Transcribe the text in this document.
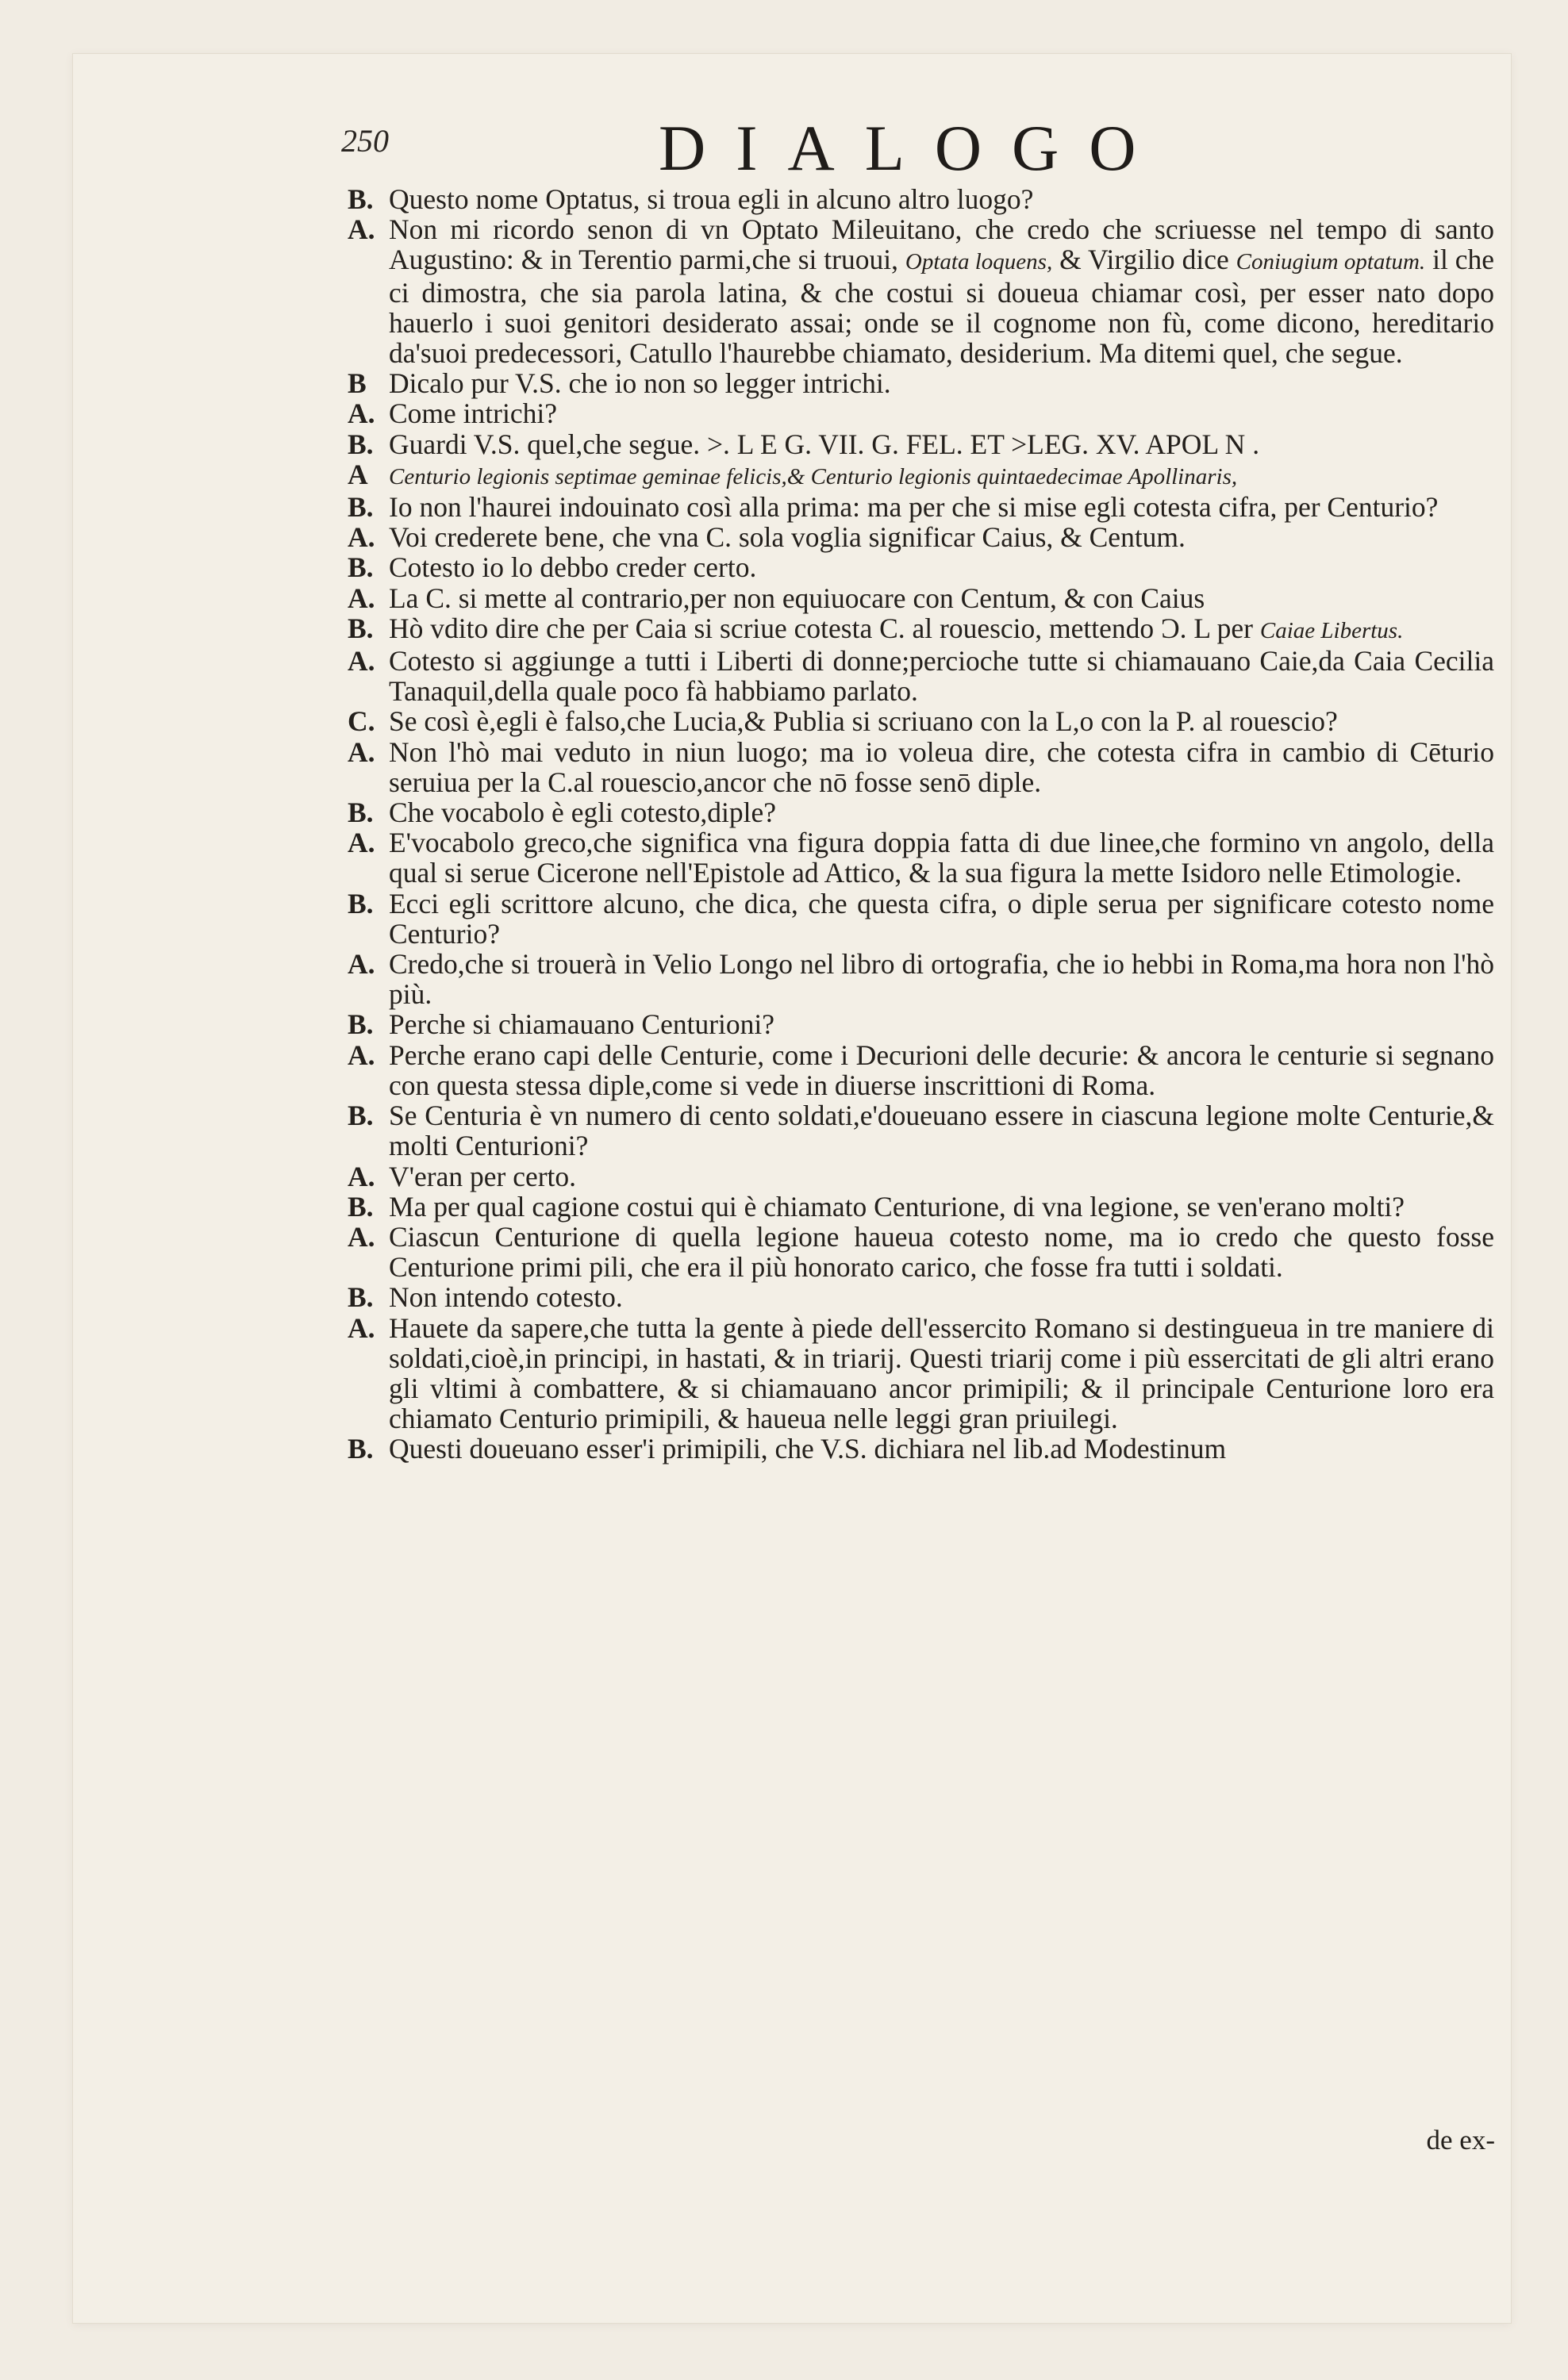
250	DIALOGO

B. Questo nome Optatus, si troua egli in alcuno altro luogo?

A. Non mi ricordo senon di vn Optato Mileuitano, che credo che scriuesse nel tempo di santo Augustino: & in Terentio parmi,che si truoui, Optata loquens, & Virgilio dice Coniugium optatum. il che ci dimostra, che sia parola latina, & che costui si doueua chiamar così, per esser nato dopo hauerlo i suoi genitori desiderato assai; onde se il cognome non fù, come dicono, hereditario da'suoi predecessori, Catullo l'haurebbe chiamato, desiderium. Ma ditemi quel, che segue.

B Dicalo pur V.S. che io non so legger intrichi.

A. Come intrichi?

B. Guardi V.S. quel,che segue. >. L E G. VII. G. FEL. ET >LEG. XV. APOL N .

A Centurio legionis septimae geminae felicis,& Centurio legionis quintaedecimae Apollinaris,

B. Io non l'haurei indouinato così alla prima: ma per che si mise egli cotesta cifra, per Centurio?

A. Voi crederete bene, che vna C. sola voglia significar Caius, & Centum.

B. Cotesto io lo debbo creder certo.

A. La C. si mette al contrario,per non equiuocare con Centum, & con Caius

B. Hò vdito dire che per Caia si scriue cotesta C. al rouescio, mettendo Ɔ. L per Caiae Libertus.

A. Cotesto si aggiunge a tutti i Liberti di donne;percioche tutte si chiamauano Caie,da Caia Cecilia Tanaquil,della quale poco fà habbiamo parlato.

C. Se così è,egli è falso,che Lucia,& Publia si scriuano con la L,o con la P. al rouescio?

A. Non l'hò mai veduto in niun luogo; ma io voleua dire, che cotesta cifra in cambio di Cēturio seruiua per la C.al rouescio,ancor che nō fosse senō diple.

B. Che vocabolo è egli cotesto,diple?

A. E'vocabolo greco,che significa vna figura doppia fatta di due linee,che formino vn angolo, della qual si serue Cicerone nell'Epistole ad Attico, & la sua figura la mette Isidoro nelle Etimologie.

B. Ecci egli scrittore alcuno, che dica, che questa cifra, o diple serua per significare cotesto nome Centurio?

A. Credo,che si trouerà in Velio Longo nel libro di ortografia, che io hebbi in Roma,ma hora non l'hò più.

B. Perche si chiamauano Centurioni?

A. Perche erano capi delle Centurie, come i Decurioni delle decurie: & ancora le centurie si segnano con questa stessa diple,come si vede in diuerse inscrittioni di Roma.

B. Se Centuria è vn numero di cento soldati,e'doueuano essere in ciascuna legione molte Centurie,& molti Centurioni?

A. V'eran per certo.

B. Ma per qual cagione costui qui è chiamato Centurione, di vna legione, se ven'erano molti?

A. Ciascun Centurione di quella legione haueua cotesto nome, ma io credo che questo fosse Centurione primi pili, che era il più honorato carico, che fosse fra tutti i soldati.

B. Non intendo cotesto.

A. Hauete da sapere,che tutta la gente à piede dell'essercito Romano si destingueua in tre maniere di soldati,cioè,in principi, in hastati, & in triarij. Questi triarij come i più essercitati de gli altri erano gli vltimi à combattere, & si chiamauano ancor primipili; & il principale Centurione loro era chiamato Centurio primipili, & haueua nelle leggi gran priuilegi.

B. Questi doueuano esser'i primipili, che V.S. dichiara nel lib.ad Modestinum

de ex-
